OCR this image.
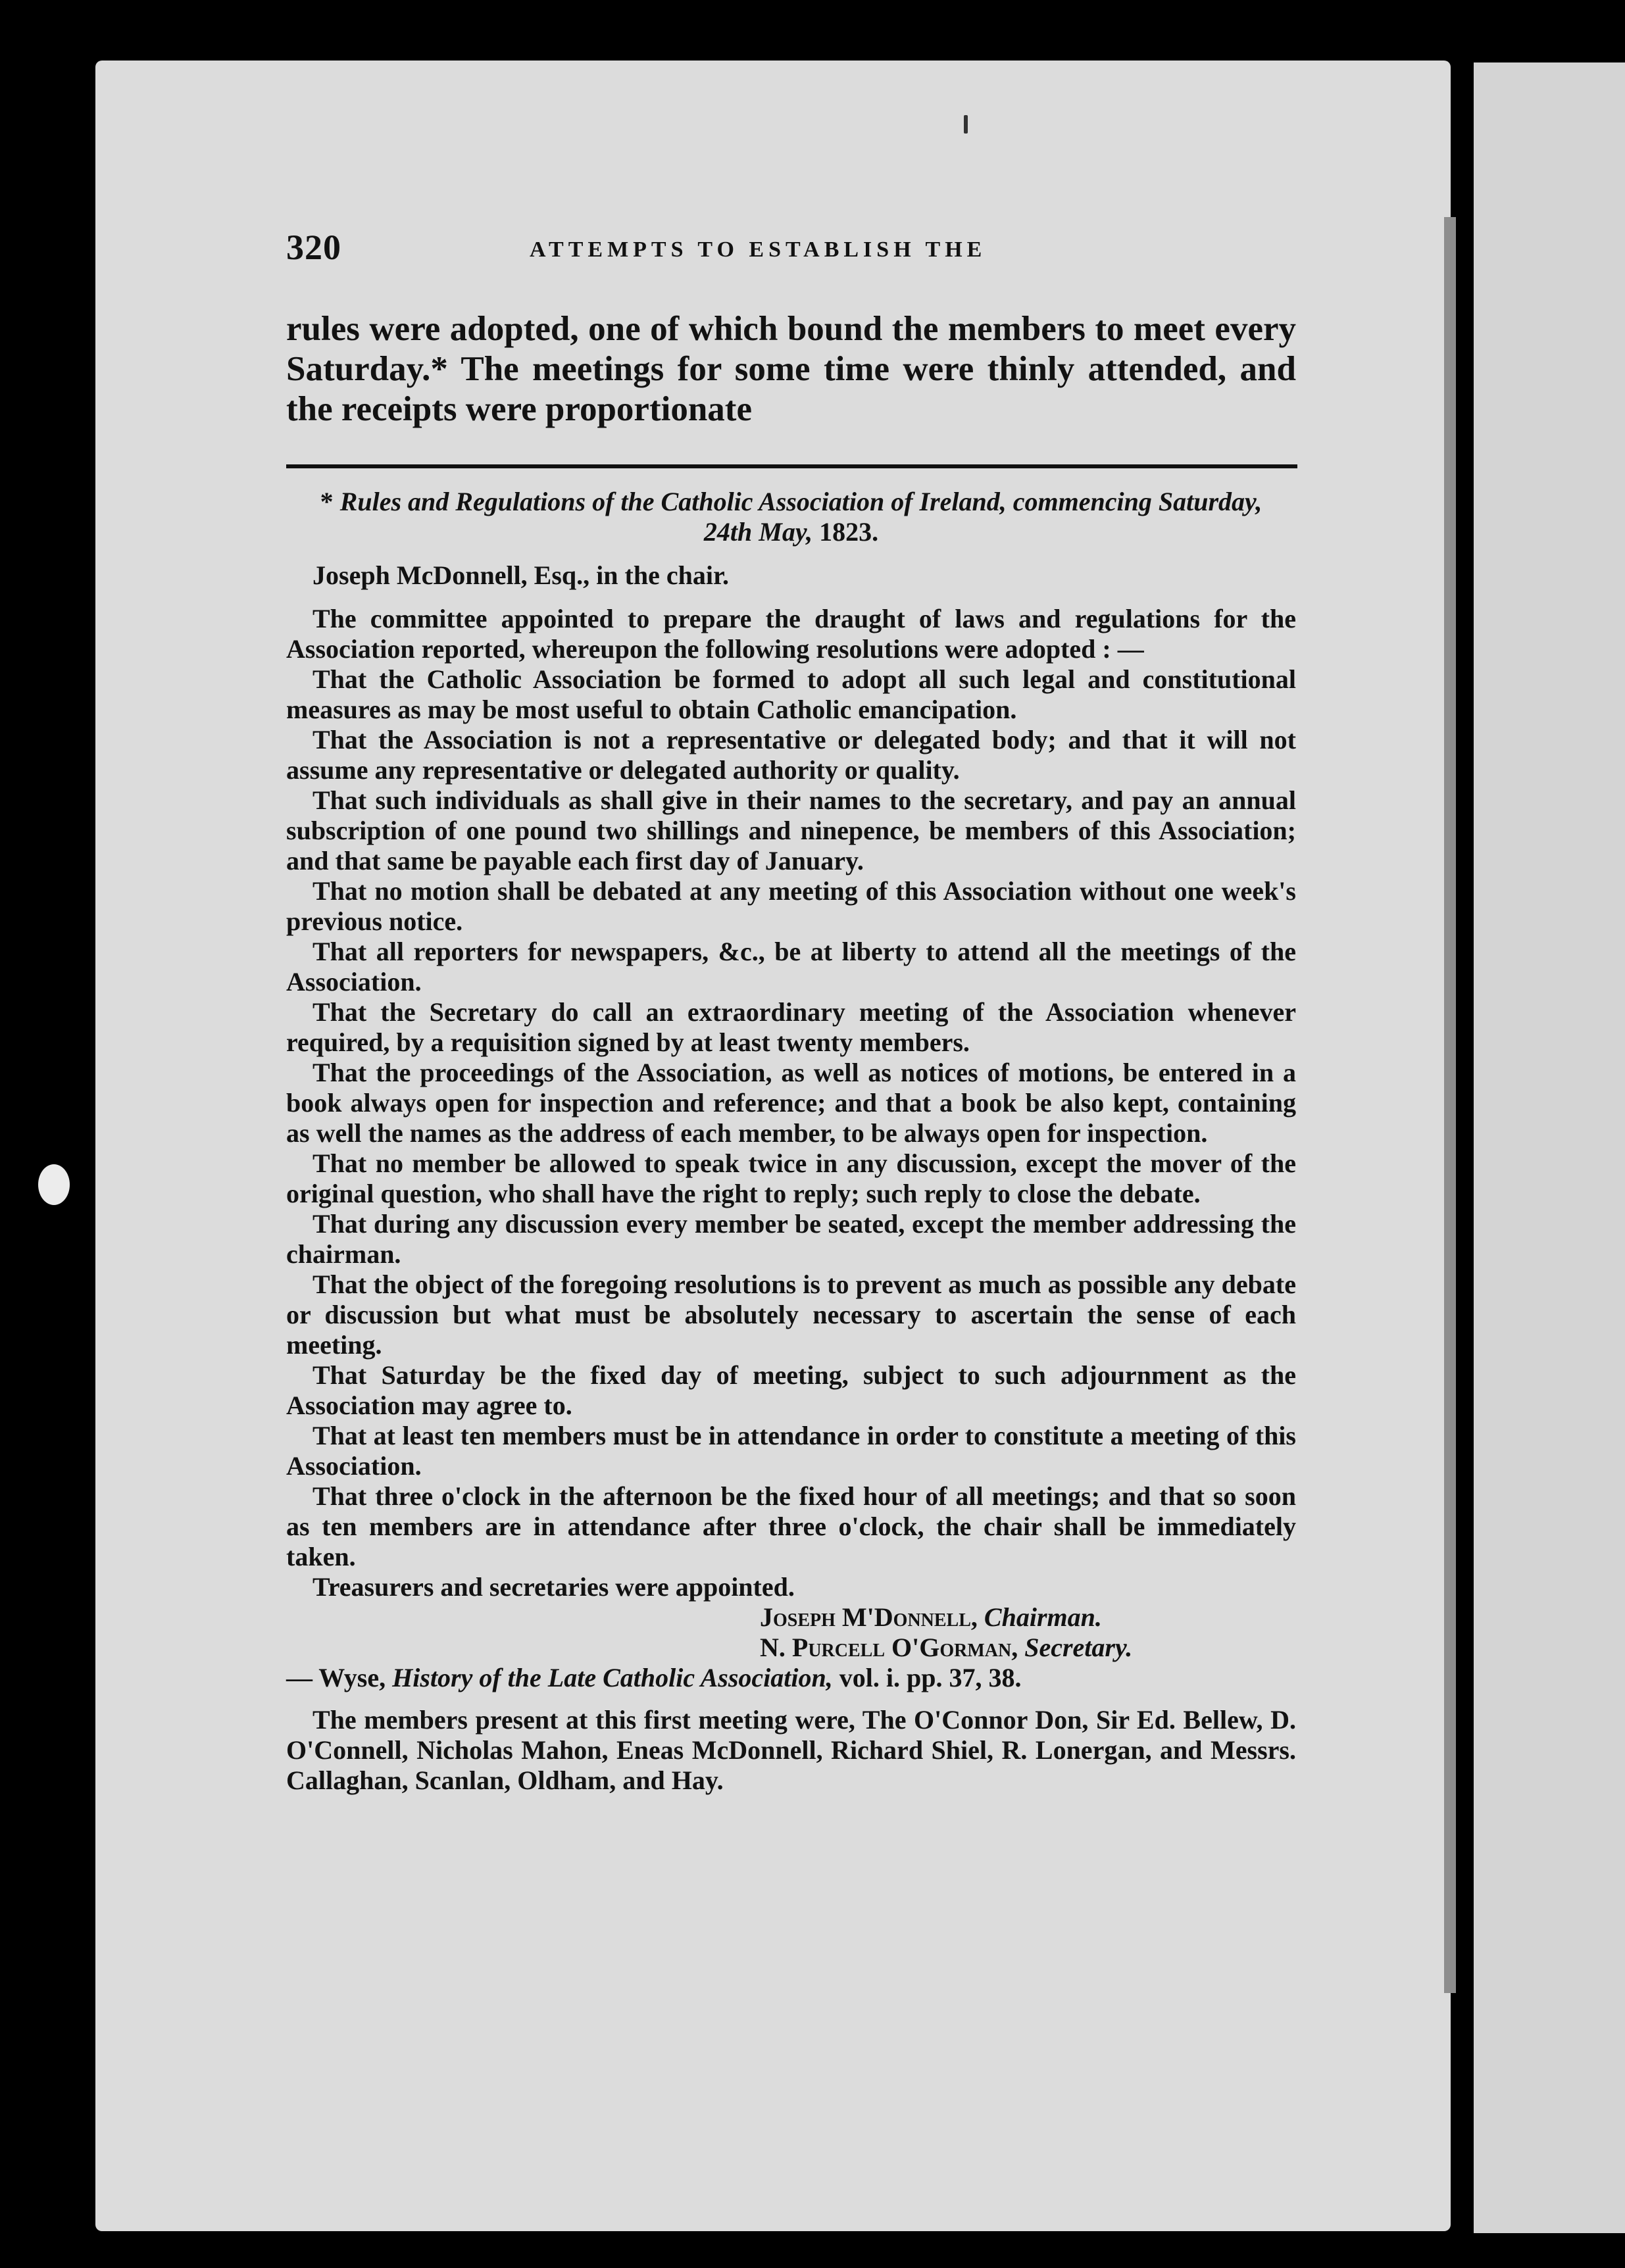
320	ATTEMPTS TO ESTABLISH THE

rules were adopted, one of which bound the members to meet every Saturday.* The meetings for some time were thinly attended, and the receipts were proportionate

* Rules and Regulations of the Catholic Association of Ireland, commencing Saturday, 24th May, 1823.

Joseph McDonnell, Esq., in the chair.

The committee appointed to prepare the draught of laws and regulations for the Association reported, whereupon the following resolutions were adopted : —

That the Catholic Association be formed to adopt all such legal and constitutional measures as may be most useful to obtain Catholic emancipation.

That the Association is not a representative or delegated body; and that it will not assume any representative or delegated authority or quality.

That such individuals as shall give in their names to the secretary, and pay an annual subscription of one pound two shillings and ninepence, be members of this Association; and that same be payable each first day of January.

That no motion shall be debated at any meeting of this Association without one week's previous notice.

That all reporters for newspapers, &c., be at liberty to attend all the meetings of the Association.

That the Secretary do call an extraordinary meeting of the Association whenever required, by a requisition signed by at least twenty members.

That the proceedings of the Association, as well as notices of motions, be entered in a book always open for inspection and reference; and that a book be also kept, containing as well the names as the address of each member, to be always open for inspection.

That no member be allowed to speak twice in any discussion, except the mover of the original question, who shall have the right to reply; such reply to close the debate.

That during any discussion every member be seated, except the member addressing the chairman.

That the object of the foregoing resolutions is to prevent as much as possible any debate or discussion but what must be absolutely necessary to ascertain the sense of each meeting.

That Saturday be the fixed day of meeting, subject to such adjournment as the Association may agree to.

That at least ten members must be in attendance in order to constitute a meeting of this Association.

That three o'clock in the afternoon be the fixed hour of all meetings; and that so soon as ten members are in attendance after three o'clock, the chair shall be immediately taken.

Treasurers and secretaries were appointed.

Joseph M'Donnell, Chairman.

N. Purcell O'Gorman, Secretary.

— Wyse, History of the Late Catholic Association, vol. i. pp. 37, 38.

The members present at this first meeting were, The O'Connor Don, Sir Ed. Bellew, D. O'Connell, Nicholas Mahon, Eneas McDonnell, Richard Shiel, R. Lonergan, and Messrs. Callaghan, Scanlan, Oldham, and Hay.
